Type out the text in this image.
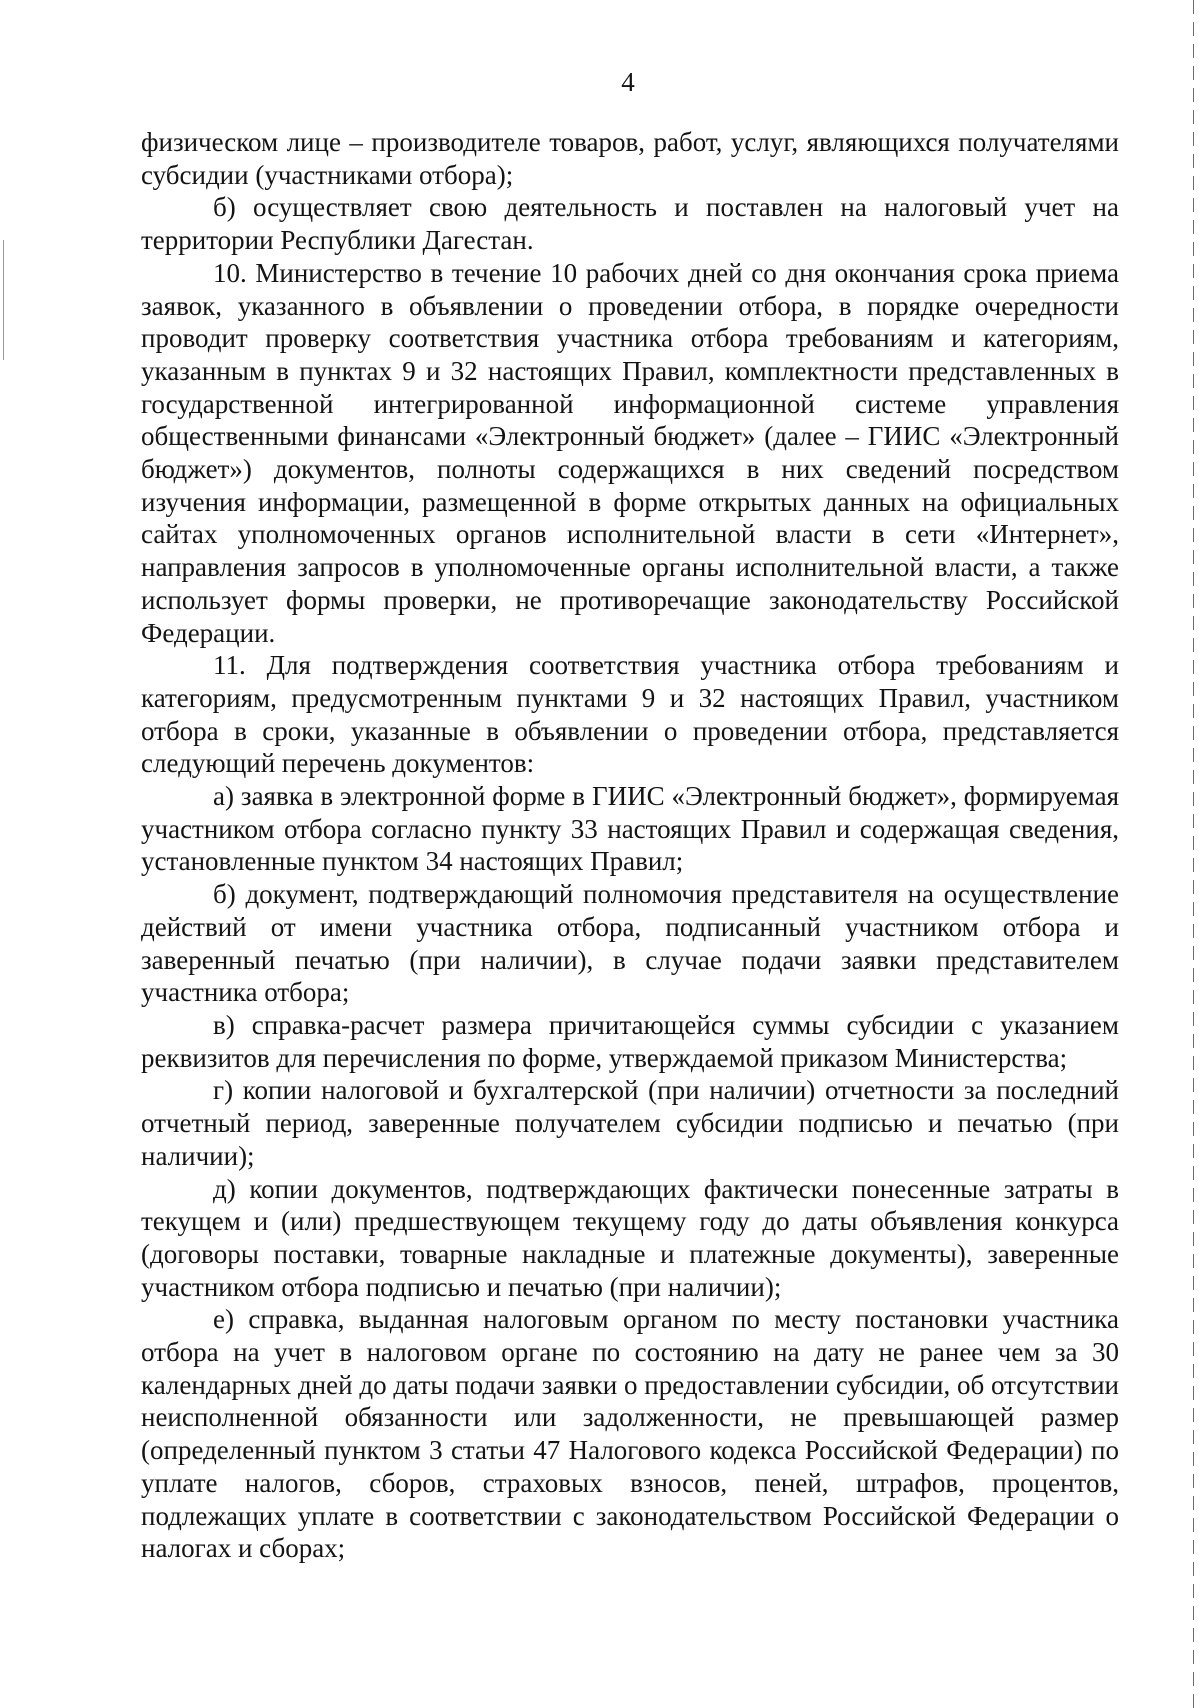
4

физическом лице – производителе товаров, работ, услуг, являющихся получателями субсидии (участниками отбора);

б) осуществляет свою деятельность и поставлен на налоговый учет на территории Республики Дагестан.

10. Министерство в течение 10 рабочих дней со дня окончания срока приема заявок, указанного в объявлении о проведении отбора, в порядке очередности проводит проверку соответствия участника отбора требованиям и категориям, указанным в пунктах 9 и 32 настоящих Правил, комплектности представленных в государственной интегрированной информационной системе управления общественными финансами «Электронный бюджет» (далее – ГИИС «Электронный бюджет») документов, полноты содержащихся в них сведений посредством изучения информации, размещенной в форме открытых данных на официальных сайтах уполномоченных органов исполнительной власти в сети «Интернет», направления запросов в уполномоченные органы исполнительной власти, а также использует формы проверки, не противоречащие законодательству Российской Федерации.

11. Для подтверждения соответствия участника отбора требованиям и категориям, предусмотренным пунктами 9 и 32 настоящих Правил, участником отбора в сроки, указанные в объявлении о проведении отбора, представляется следующий перечень документов:

а) заявка в электронной форме в ГИИС «Электронный бюджет», формируемая участником отбора согласно пункту 33 настоящих Правил и содержащая сведения, установленные пунктом 34 настоящих Правил;

б) документ, подтверждающий полномочия представителя на осуществление действий от имени участника отбора, подписанный участником отбора и заверенный печатью (при наличии), в случае подачи заявки представителем участника отбора;

в) справка-расчет размера причитающейся суммы субсидии с указанием реквизитов для перечисления по форме, утверждаемой приказом Министерства;

г) копии налоговой и бухгалтерской (при наличии) отчетности за последний отчетный период, заверенные получателем субсидии подписью и печатью (при наличии);

д) копии документов, подтверждающих фактически понесенные затраты в текущем и (или) предшествующем текущему году до даты объявления конкурса (договоры поставки, товарные накладные и платежные документы), заверенные участником отбора подписью и печатью (при наличии);

е) справка, выданная налоговым органом по месту постановки участника отбора на учет в налоговом органе по состоянию на дату не ранее чем за 30 календарных дней до даты подачи заявки о предоставлении субсидии, об отсутствии неисполненной обязанности или задолженности, не превышающей размер (определенный пунктом 3 статьи 47 Налогового кодекса Российской Федерации) по уплате налогов, сборов, страховых взносов, пеней, штрафов, процентов, подлежащих уплате в соответствии с законодательством Российской Федерации о налогах и сборах;
